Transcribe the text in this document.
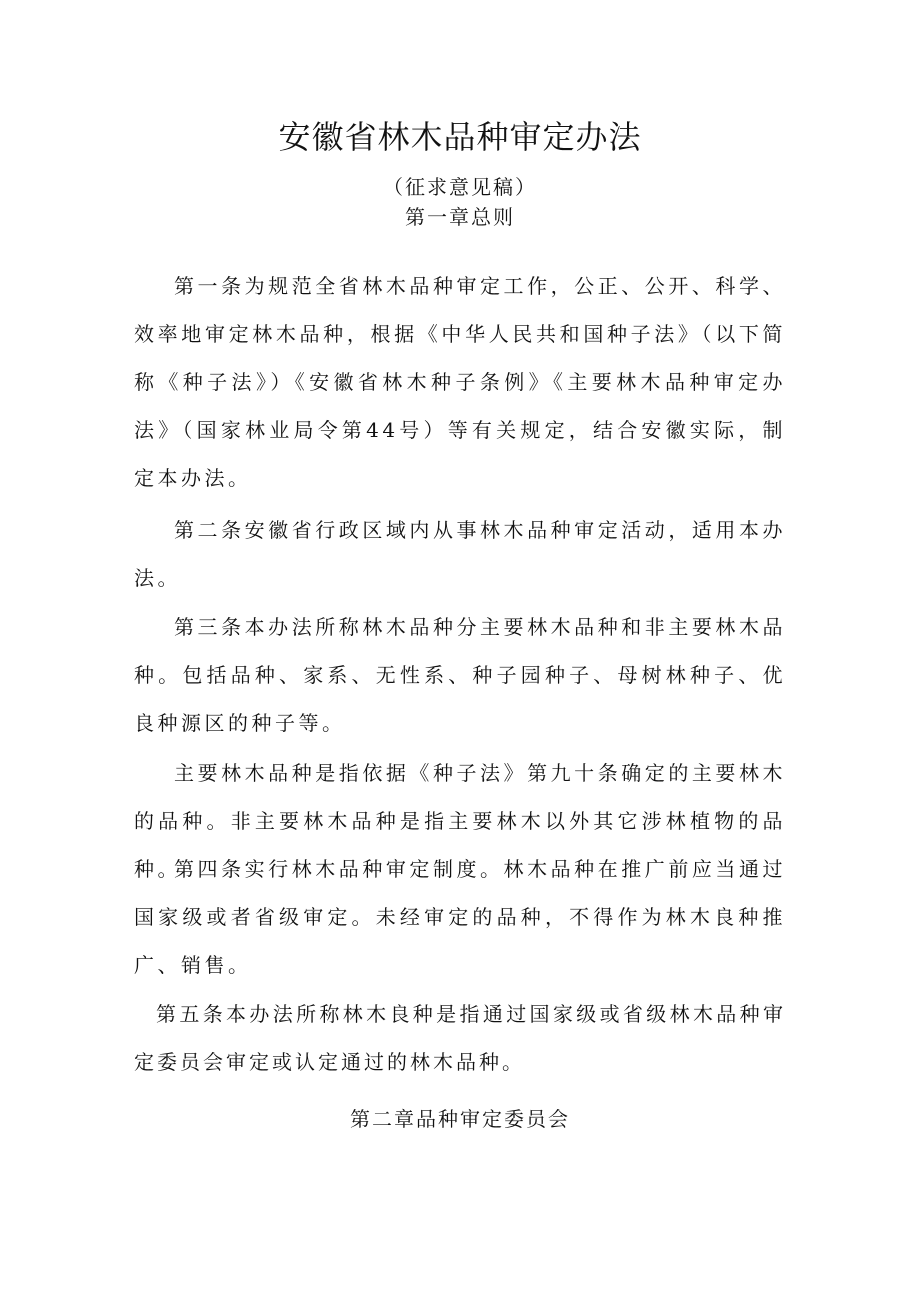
安徽省林木品种审定办法
（征求意见稿）
第一章总则

第一条为规范全省林木品种审定工作，公正、公开、科学、效率地审定林木品种，根据《中华人民共和国种子法》（以下简称《种子法》）《安徽省林木种子条例》《主要林木品种审定办法》（国家林业局令第44号）等有关规定，结合安徽实际，制定本办法。

第二条安徽省行政区域内从事林木品种审定活动，适用本办法。

第三条本办法所称林木品种分主要林木品种和非主要林木品种。包括品种、家系、无性系、种子园种子、母树林种子、优良种源区的种子等。

主要林木品种是指依据《种子法》第九十条确定的主要林木的品种。非主要林木品种是指主要林木以外其它涉林植物的品种。

第四条实行林木品种审定制度。林木品种在推广前应当通过国家级或者省级审定。未经审定的品种，不得作为林木良种推广、销售。

第五条本办法所称林木良种是指通过国家级或省级林木品种审定委员会审定或认定通过的林木品种。

第二章品种审定委员会
